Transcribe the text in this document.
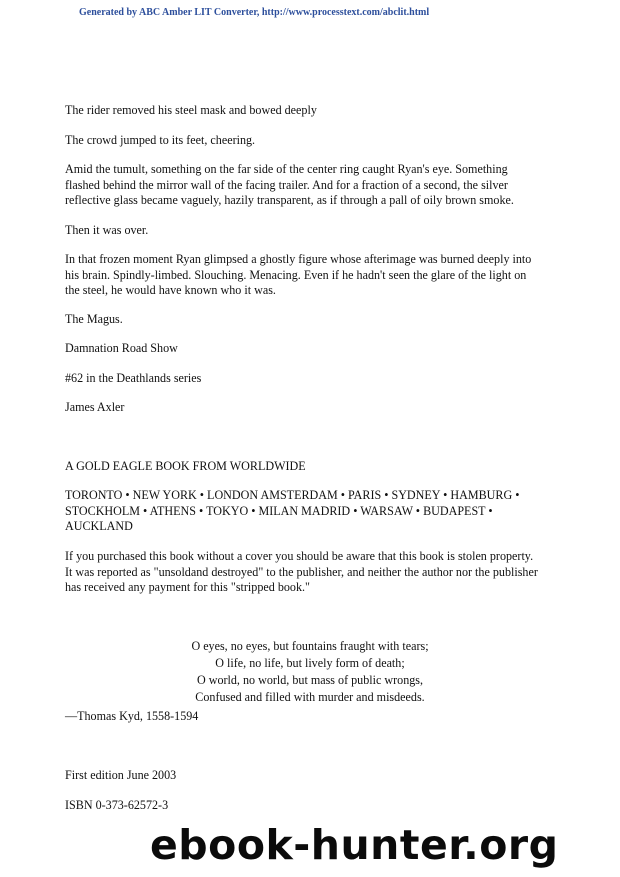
Generated by ABC Amber LIT Converter, http://www.processtext.com/abclit.html

The rider removed his steel mask and bowed deeply

The crowd jumped to its feet, cheering.

Amid the tumult, something on the far side of the center ring caught Ryan's eye. Something flashed behind the mirror wall of the facing trailer. And for a fraction of a second, the silver reflective glass became vaguely, hazily transparent, as if through a pall of oily brown smoke.

Then it was over.

In that frozen moment Ryan glimpsed a ghostly figure whose afterimage was burned deeply into his brain. Spindly-limbed. Slouching. Menacing. Even if he hadn't seen the glare of the light on the steel, he would have known who it was.

The Magus.

Damnation Road Show

#62 in the Deathlands series

James Axler

A GOLD EAGLE BOOK FROM WORLDWIDE

TORONTO • NEW YORK • LONDON AMSTERDAM • PARIS • SYDNEY • HAMBURG • STOCKHOLM • ATHENS • TOKYO • MILAN MADRID • WARSAW • BUDAPEST • AUCKLAND

If you purchased this book without a cover you should be aware that this book is stolen property. It was reported as "unsoldand destroyed" to the publisher, and neither the author nor the publisher has received any payment for this "stripped book."

O eyes, no eyes, but fountains fraught with tears;
O life, no life, but lively form of death;
O world, no world, but mass of public wrongs,
Confused and filled with murder and misdeeds.

—Thomas Kyd, 1558-1594

First edition June 2003

ISBN 0-373-62572-3

ebook-hunter.org
